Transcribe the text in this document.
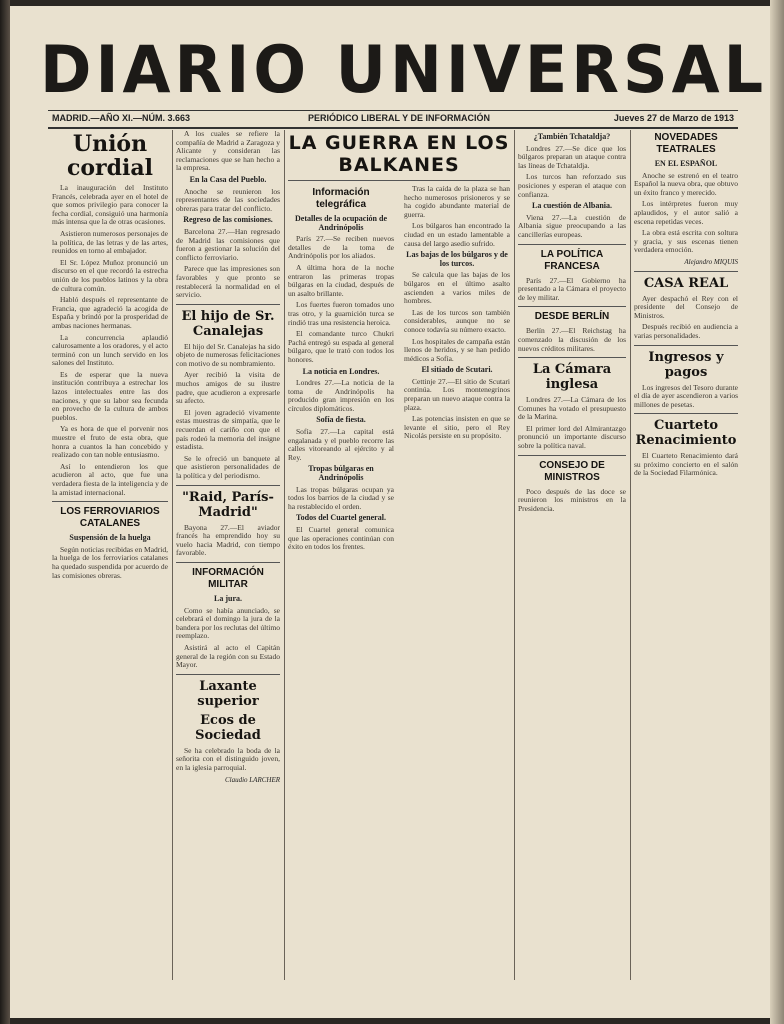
DIARIO UNIVERSAL
MADRID.—AÑO XI.—NÚM. 3.663	PERIÓDICO LIBERAL Y DE INFORMACIÓN	Jueves 27 de Marzo de 1913
Unión cordial

La inauguración del Instituto Francés, celebrada ayer en el hotel de que somos privilegio para conocer la fecha cordial, consiguió una harmonía más intensa que la de otras ocasiones.

Asistieron numerosos personajes de la política, de las letras y de las artes, reunidos en torno al embajador.

El Sr. López Muñoz pronunció un discurso en el que recordó la estrecha unión de los pueblos latinos y la obra de cultura común.

Habló después el representante de Francia, que agradeció la acogida de España y brindó por la prosperidad de ambas naciones hermanas.

La concurrencia aplaudió calurosamente a los oradores, y el acto terminó con un lunch servido en los salones del Instituto.

Es de esperar que la nueva institución contribuya a estrechar los lazos intelectuales entre las dos naciones, y que su labor sea fecunda en provecho de la cultura de ambos pueblos.

Ya es hora de que el porvenir nos muestre el fruto de esta obra, que honra a cuantos la han concebido y realizado con tan noble entusiasmo.

Así lo entendieron los que acudieron al acto, que fue una verdadera fiesta de la inteligencia y de la amistad internacional.

LOS FERROVIARIOS CATALANES
Suspensión de la huelga

Según noticias recibidas en Madrid, la huelga de los ferroviarios catalanes ha quedado suspendida por acuerdo de las comisiones obreras.

A los cuales se refiere la compañía de Madrid a Zaragoza y Alicante y consideran las reclamaciones que se han hecho a la empresa.

En la Casa del Pueblo.

Anoche se reunieron los representantes de las sociedades obreras para tratar del conflicto.

Regreso de las comisiones.

Barcelona 27.—Han regresado de Madrid las comisiones que fueron a gestionar la solución del conflicto ferroviario.

Parece que las impresiones son favorables y que pronto se restablecerá la normalidad en el servicio.

El hijo de Sr. Canalejas

El hijo del Sr. Canalejas ha sido objeto de numerosas felicitaciones con motivo de su nombramiento.

Ayer recibió la visita de muchos amigos de su ilustre padre, que acudieron a expresarle su afecto.

El joven agradeció vivamente estas muestras de simpatía, que le recuerdan el cariño con que el país rodeó la memoria del insigne estadista.

Se le ofreció un banquete al que asistieron personalidades de la política y del periodismo.

"Raid, París-Madrid"

Bayona 27.—El aviador francés ha emprendido hoy su vuelo hacia Madrid, con tiempo favorable.

INFORMACIÓN MILITAR
La jura.

Como se había anunciado, se celebrará el domingo la jura de la bandera por los reclutas del último reemplazo.

Asistirá al acto el Capitán general de la región con su Estado Mayor.

Laxante superior
Ecos de Sociedad

Se ha celebrado la boda de la señorita con el distinguido joven, en la iglesia parroquial.

Claudio LARCHER
LA GUERRA EN LOS BALKANES
Información telegráfica
Detalles de la ocupación de Andrinópolis

París 27.—Se reciben nuevos detalles de la toma de Andrinópolis por los aliados.

A última hora de la noche entraron las primeras tropas búlgaras en la ciudad, después de un asalto brillante.

Los fuertes fueron tomados uno tras otro, y la guarnición turca se rindió tras una resistencia heroica.

El comandante turco Chukri Pachá entregó su espada al general búlgaro, que le trató con todos los honores.

La noticia en Londres.

Londres 27.—La noticia de la toma de Andrinópolis ha producido gran impresión en los círculos diplomáticos.

Sofía de fiesta.

Sofía 27.—La capital está engalanada y el pueblo recorre las calles vitoreando al ejército y al Rey.

Tropas búlgaras en Andrinópolis

Las tropas búlgaras ocupan ya todos los barrios de la ciudad y se ha restablecido el orden.

Todos del Cuartel general.

El Cuartel general comunica que las operaciones continúan con éxito en todos los frentes.

Tras la caída de la plaza se han hecho numerosos prisioneros y se ha cogido abundante material de guerra.

Los búlgaros han encontrado la ciudad en un estado lamentable a causa del largo asedio sufrido.

Las bajas de los búlgaros y de los turcos.

Se calcula que las bajas de los búlgaros en el último asalto ascienden a varios miles de hombres.

Las de los turcos son también considerables, aunque no se conoce todavía su número exacto.

Los hospitales de campaña están llenos de heridos, y se han pedido médicos a Sofía.

El sitiado de Scutari.

Cettinje 27.—El sitio de Scutari continúa. Los montenegrinos preparan un nuevo ataque contra la plaza.

Las potencias insisten en que se levante el sitio, pero el Rey Nicolás persiste en su propósito.

¿También Tchataldja?

Londres 27.—Se dice que los búlgaros preparan un ataque contra las líneas de Tchataldja.

Los turcos han reforzado sus posiciones y esperan el ataque con confianza.

La cuestión de Albania.

Viena 27.—La cuestión de Albania sigue preocupando a las cancillerías europeas.

LA POLÍTICA FRANCESA

París 27.—El Gobierno ha presentado a la Cámara el proyecto de ley militar.

DESDE BERLÍN

Berlín 27.—El Reichstag ha comenzado la discusión de los nuevos créditos militares.

La Cámara inglesa

Londres 27.—La Cámara de los Comunes ha votado el presupuesto de la Marina.

El primer lord del Almirantazgo pronunció un importante discurso sobre la política naval.

CONSEJO DE MINISTROS

Poco después de las doce se reunieron los ministros en la Presidencia.

NOVEDADES TEATRALES
EN EL ESPAÑOL

Anoche se estrenó en el teatro Español la nueva obra, que obtuvo un éxito franco y merecido.

Los intérpretes fueron muy aplaudidos, y el autor salió a escena repetidas veces.

La obra está escrita con soltura y gracia, y sus escenas tienen verdadera emoción.

Alejandro MIQUIS
CASA REAL

Ayer despachó el Rey con el presidente del Consejo de Ministros.

Después recibió en audiencia a varias personalidades.

Ingresos y pagos

Los ingresos del Tesoro durante el día de ayer ascendieron a varios millones de pesetas.

Cuarteto Renacimiento

El Cuarteto Renacimiento dará su próximo concierto en el salón de la Sociedad Filarmónica.
